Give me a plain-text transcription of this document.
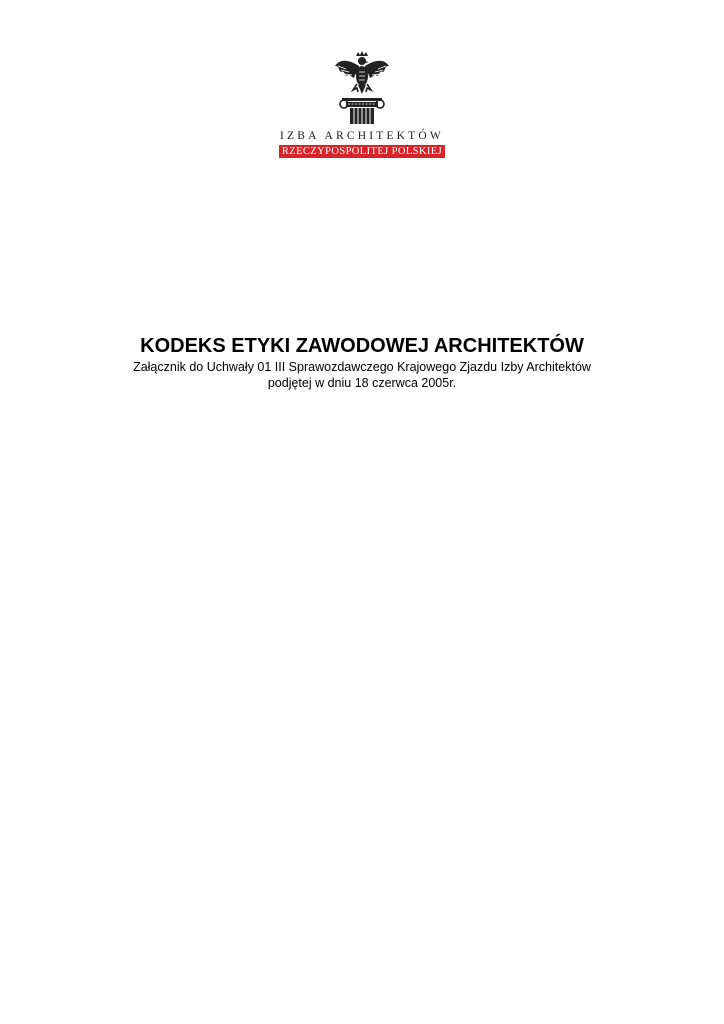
IZBA ARCHITEKTÓW
RZECZYPOSPOLITEJ POLSKIEJ
KODEKS ETYKI ZAWODOWEJ ARCHITEKTÓW
Załącznik do Uchwały 01 III Sprawozdawczego Krajowego Zjazdu Izby Architektów
podjętej w dniu 18 czerwca 2005r.
